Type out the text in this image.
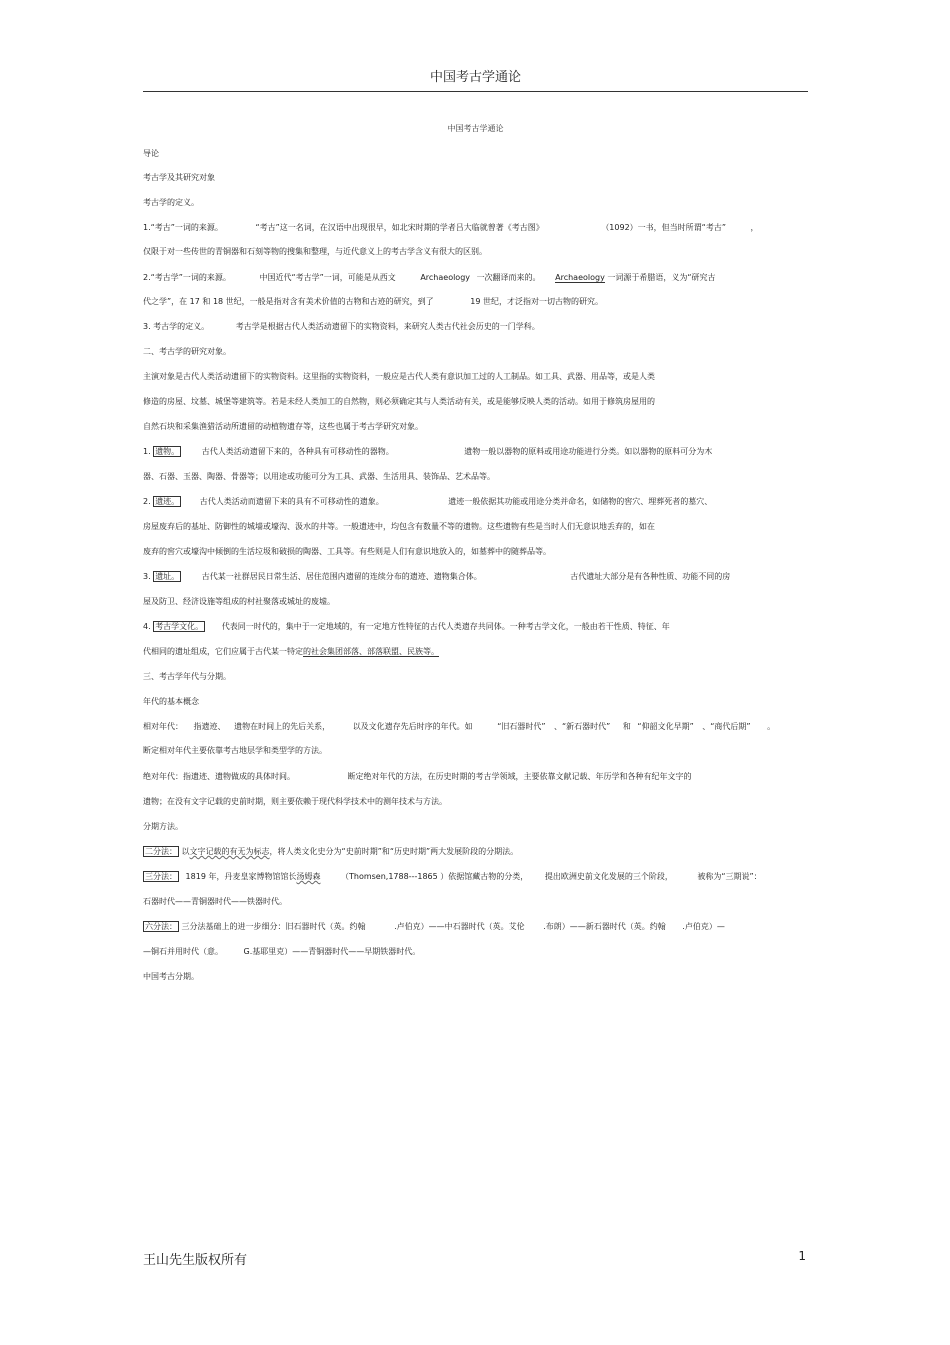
中国考古学通论
中国考古学通论
导论
考古学及其研究对象
考古学的定义。
1.“考古”一词的来源。	“考古”这一名词，在汉语中出现很早，如北宋时期的学者吕大临就曾著《考古图》	（1092）一书，但当时所谓“考古”	，
仅限于对一些传世的青铜器和石刻等物的搜集和整理，与近代意义上的考古学含义有很大的区别。
2.“考古学”一词的来源。	中国近代“考古学”一词，可能是从西文	Archaeology 一次翻译而来的。 Archaeology 一词源于希腊语，义为“研究古
代之学”，在 17 和 18 世纪，一般是指对含有美术价值的古物和古迹的研究，到了	19 世纪，才泛指对一切古物的研究。
3. 考古学的定义。	考古学是根据古代人类活动遗留下的实物资料，来研究人类古代社会历史的一门学科。
二、考古学的研究对象。
主演对象是古代人类活动遗留下的实物资料。这里指的实物资料，一般应是古代人类有意识加工过的人工制品。如工具、武器、用品等，或是人类
修造的房屋、坟墓、城堡等建筑等。若是未经人类加工的自然物，则必须确定其与人类活动有关，或是能够反映人类的活动。如用于修筑房屋用的
自然石块和采集渔猎活动所遗留的动植物遗存等，这些也属于考古学研究对象。
1. 遗物。	古代人类活动遗留下来的，各种具有可移动性的器物。	遗物一般以器物的原料或用途功能进行分类。如以器物的原料可分为木
器、石器、玉器、陶器、骨器等；以用途或功能可分为工具、武器、生活用具、装饰品、艺术品等。
2. 遗迹。	古代人类活动而遗留下来的具有不可移动性的遗象。	遗迹一般依据其功能或用途分类并命名，如储物的窖穴、埋葬死者的墓穴、
房屋废弃后的基址、防御性的城墙或壕沟、汲水的井等。一般遗迹中，均包含有数量不等的遗物。这些遗物有些是当时人们无意识地丢弃的，如在
废弃的窖穴或壕沟中倾倒的生活垃圾和破损的陶器、工具等。有些则是人们有意识地放入的，如墓葬中的随葬品等。
3. 遗址。	古代某一社群居民日常生活、居住范围内遗留的连续分布的遗迹、遗物集合体。	古代遗址大部分是有各种性质、功能不同的房
屋及防卫、经济设施等组成的村社聚落或城址的废墟。
4. 考古学文化。 代表同一时代的，集中于一定地域的，有一定地方性特征的古代人类遗存共同体。一种考古学文化，一般由若干性质、特征、年
代相同的遗址组成，它们应属于古代某一特定的社会集团部落、部落联盟、民族等。
三、考古学年代与分期。
年代的基本概念
相对年代： 指遗迹、 遗物在时间上的先后关系，	以及文化遗存先后时序的年代。如	“旧石器时代” 、“新石器时代” 和 “仰韶文化早期” 、“商代后期” 。
断定相对年代主要依靠考古地层学和类型学的方法。
绝对年代：指遗迹、遗物做成的具体时间。	断定绝对年代的方法，在历史时期的考古学领域，主要依靠文献记载、年历学和各种有纪年文字的
遗物；在没有文字记载的史前时期，则主要依赖于现代科学技术中的测年技术与方法。
分期方法。
二分法： 以文字记载的有无为标志，将人类文化史分为“史前时期”和“历史时期”两大发展阶段的分期法。
三分法： 1819 年，丹麦皇家博物馆馆长汤姆森	（Thomsen,1788---1865 ）依据馆藏古物的分类， 提出欧洲史前文化发展的三个阶段，	被称为“三期说”：
石器时代——青铜器时代——铁器时代。
六分法： 三分法基础上的进一步细分：旧石器时代（英。约翰	.卢伯克）——中石器时代（英。艾伦 .布朗）——新石器时代（英。约翰 .卢伯克）—
—铜石并用时代（意。	G.基耶里克）——青铜器时代——早期铁器时代。
中国考古分期。
王山先生版权所有	1
